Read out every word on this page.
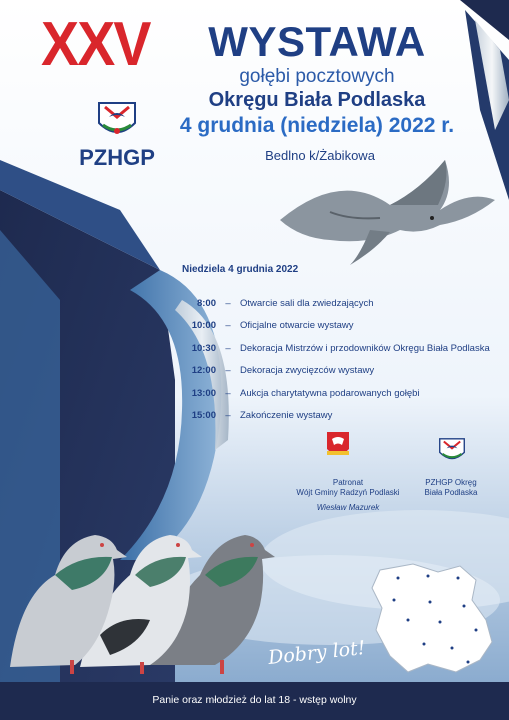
XXV	WYSTAWA
gołębi pocztowych
Okręgu Biała Podlaska
4 grudnia (niedziela) 2022 r.
Bedlno k/Żabikowa
PZHGP
Niedziela 4 grudnia 2022
8:00 – Otwarcie sali dla zwiedzających
10:00 – Oficjalne otwarcie wystawy
10:30 – Dekoracja Mistrzów i przodowników Okręgu Biała Podlaska
12:00 – Dekoracja zwycięzców wystawy
13:00 – Aukcja charytatywna podarowanych gołębi
15:00 – Zakończenie wystawy
Patronat
Wójt Gminy Radzyń Podlaski
Wiesław Mazurek
PZHGP Okręg
Biała Podlaska
Dobry lot!
Panie oraz młodzież do lat 18 - wstęp wolny
